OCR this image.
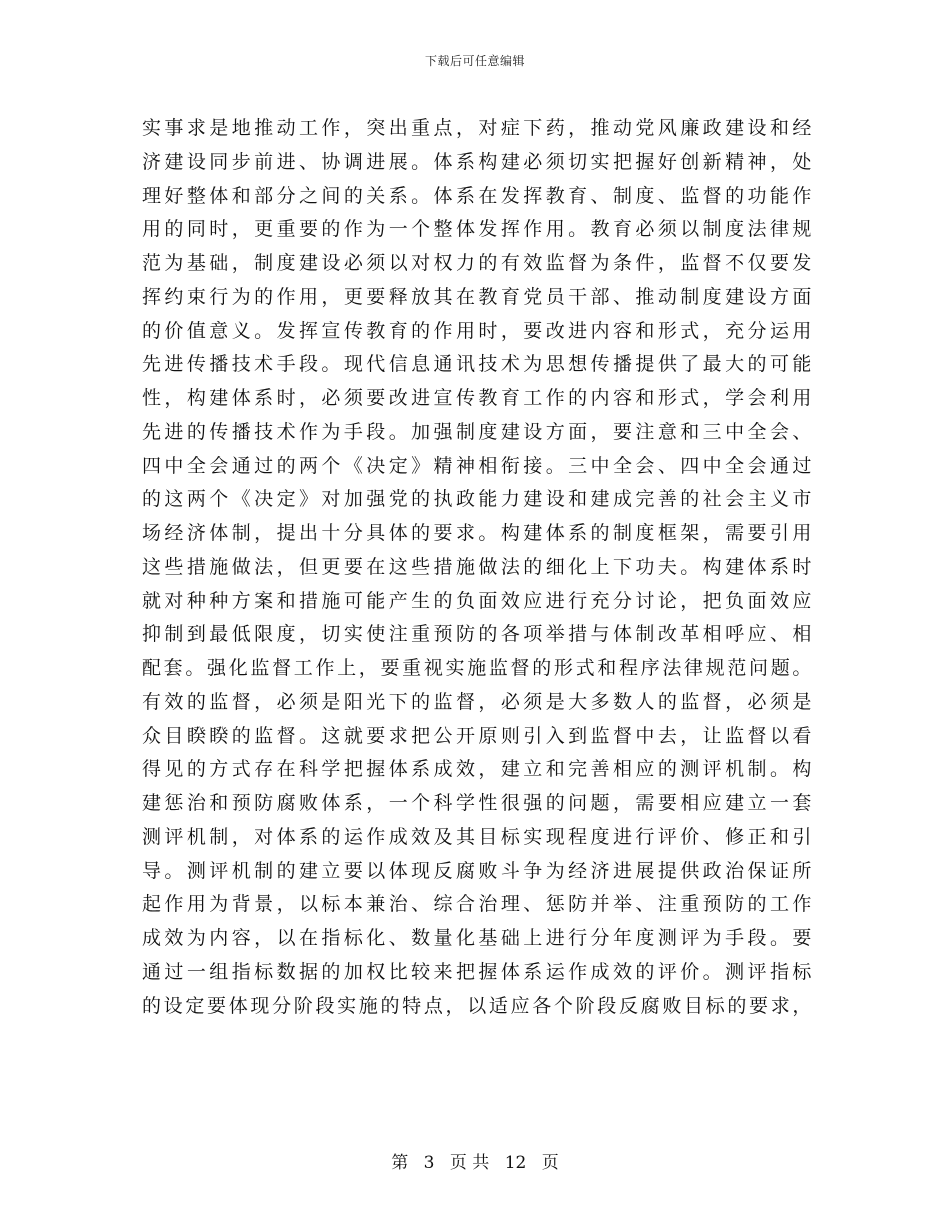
下载后可任意编辑
实事求是地推动工作，突出重点，对症下药，推动党风廉政建设和经
济建设同步前进、协调进展。体系构建必须切实把握好创新精神，处
理好整体和部分之间的关系。体系在发挥教育、制度、监督的功能作
用的同时，更重要的作为一个整体发挥作用。教育必须以制度法律规
范为基础，制度建设必须以对权力的有效监督为条件，监督不仅要发
挥约束行为的作用，更要释放其在教育党员干部、推动制度建设方面
的价值意义。发挥宣传教育的作用时，要改进内容和形式，充分运用
先进传播技术手段。现代信息通讯技术为思想传播提供了最大的可能
性，构建体系时，必须要改进宣传教育工作的内容和形式，学会利用
先进的传播技术作为手段。加强制度建设方面，要注意和三中全会、
四中全会通过的两个《决定》精神相衔接。三中全会、四中全会通过
的这两个《决定》对加强党的执政能力建设和建成完善的社会主义市
场经济体制，提出十分具体的要求。构建体系的制度框架，需要引用
这些措施做法，但更要在这些措施做法的细化上下功夫。构建体系时
就对种种方案和措施可能产生的负面效应进行充分讨论，把负面效应
抑制到最低限度，切实使注重预防的各项举措与体制改革相呼应、相
配套。强化监督工作上，要重视实施监督的形式和程序法律规范问题。
有效的监督，必须是阳光下的监督，必须是大多数人的监督，必须是
众目睽睽的监督。这就要求把公开原则引入到监督中去，让监督以看
得见的方式存在科学把握体系成效，建立和完善相应的测评机制。构
建惩治和预防腐败体系，一个科学性很强的问题，需要相应建立一套
测评机制，对体系的运作成效及其目标实现程度进行评价、修正和引
导。测评机制的建立要以体现反腐败斗争为经济进展提供政治保证所
起作用为背景，以标本兼治、综合治理、惩防并举、注重预防的工作
成效为内容，以在指标化、数量化基础上进行分年度测评为手段。要
通过一组指标数据的加权比较来把握体系运作成效的评价。测评指标
的设定要体现分阶段实施的特点，以适应各个阶段反腐败目标的要求，
第 3 页 共 12 页
